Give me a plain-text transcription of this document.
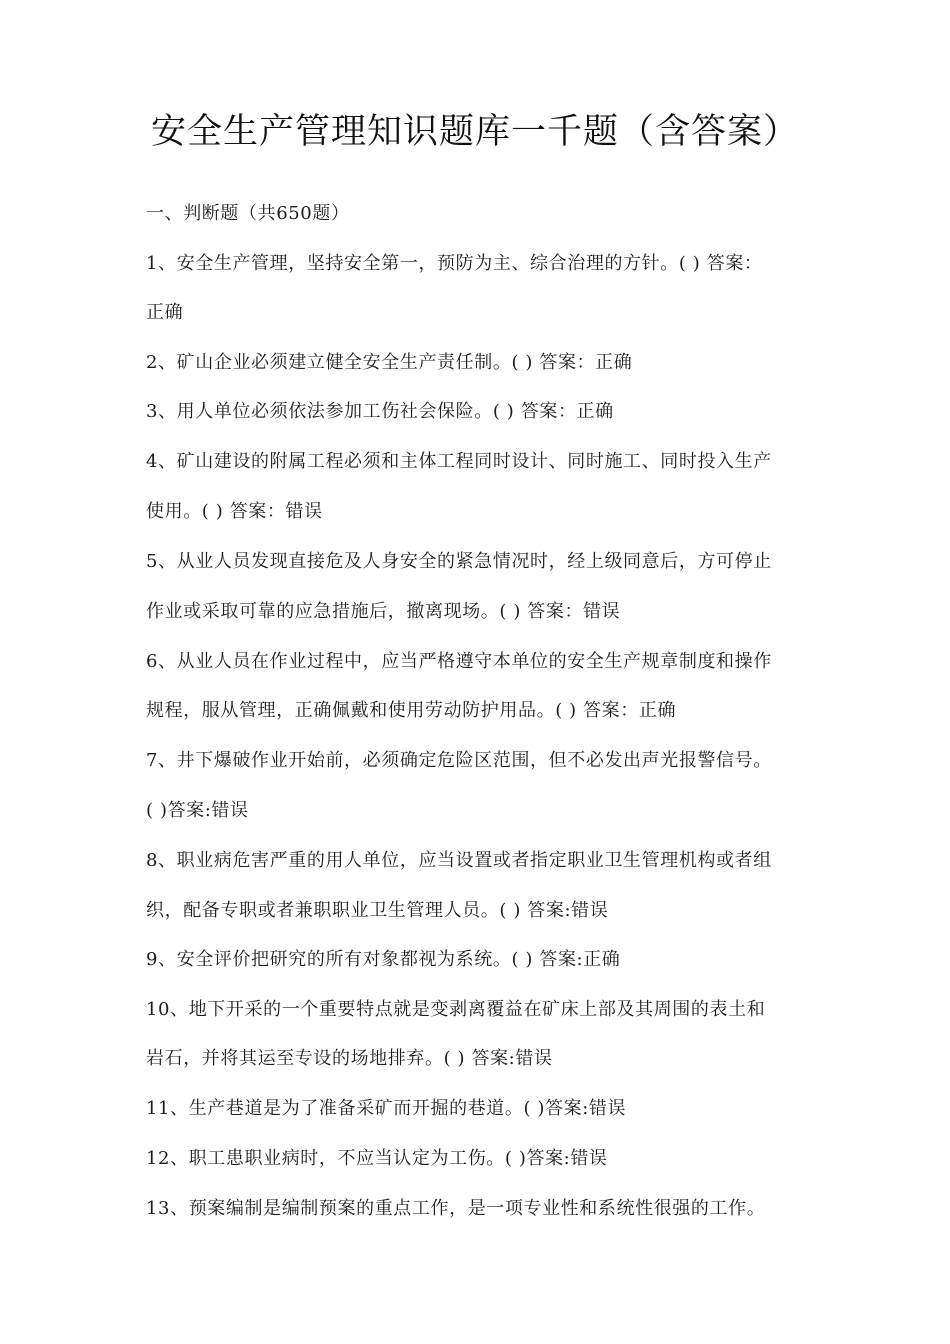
安全生产管理知识题库一千题（含答案）
一、判断题（共650题）
1、安全生产管理，坚持安全第一，预防为主、综合治理的方针。( ) 答案：
正确
2、矿山企业必须建立健全安全生产责任制。( ) 答案：正确
3、用人单位必须依法参加工伤社会保险。( ) 答案：正确
4、矿山建设的附属工程必须和主体工程同时设计、同时施工、同时投入生产
使用。( ) 答案：错误
5、从业人员发现直接危及人身安全的紧急情况时，经上级同意后，方可停止
作业或采取可靠的应急措施后，撤离现场。( ) 答案：错误
6、从业人员在作业过程中，应当严格遵守本单位的安全生产规章制度和操作
规程，服从管理，正确佩戴和使用劳动防护用品。( ) 答案：正确
7、井下爆破作业开始前，必须确定危险区范围，但不必发出声光报警信号。
( )答案:错误
8、职业病危害严重的用人单位，应当设置或者指定职业卫生管理机构或者组
织，配备专职或者兼职职业卫生管理人员。( ) 答案:错误
9、安全评价把研究的所有对象都视为系统。( ) 答案:正确
10、地下开采的一个重要特点就是变剥离覆益在矿床上部及其周围的表土和
岩石，并将其运至专设的场地排弃。( ) 答案:错误
11、生产巷道是为了准备采矿而开掘的巷道。( )答案:错误
12、职工患职业病时，不应当认定为工伤。( )答案:错误
13、预案编制是编制预案的重点工作，是一项专业性和系统性很强的工作。
